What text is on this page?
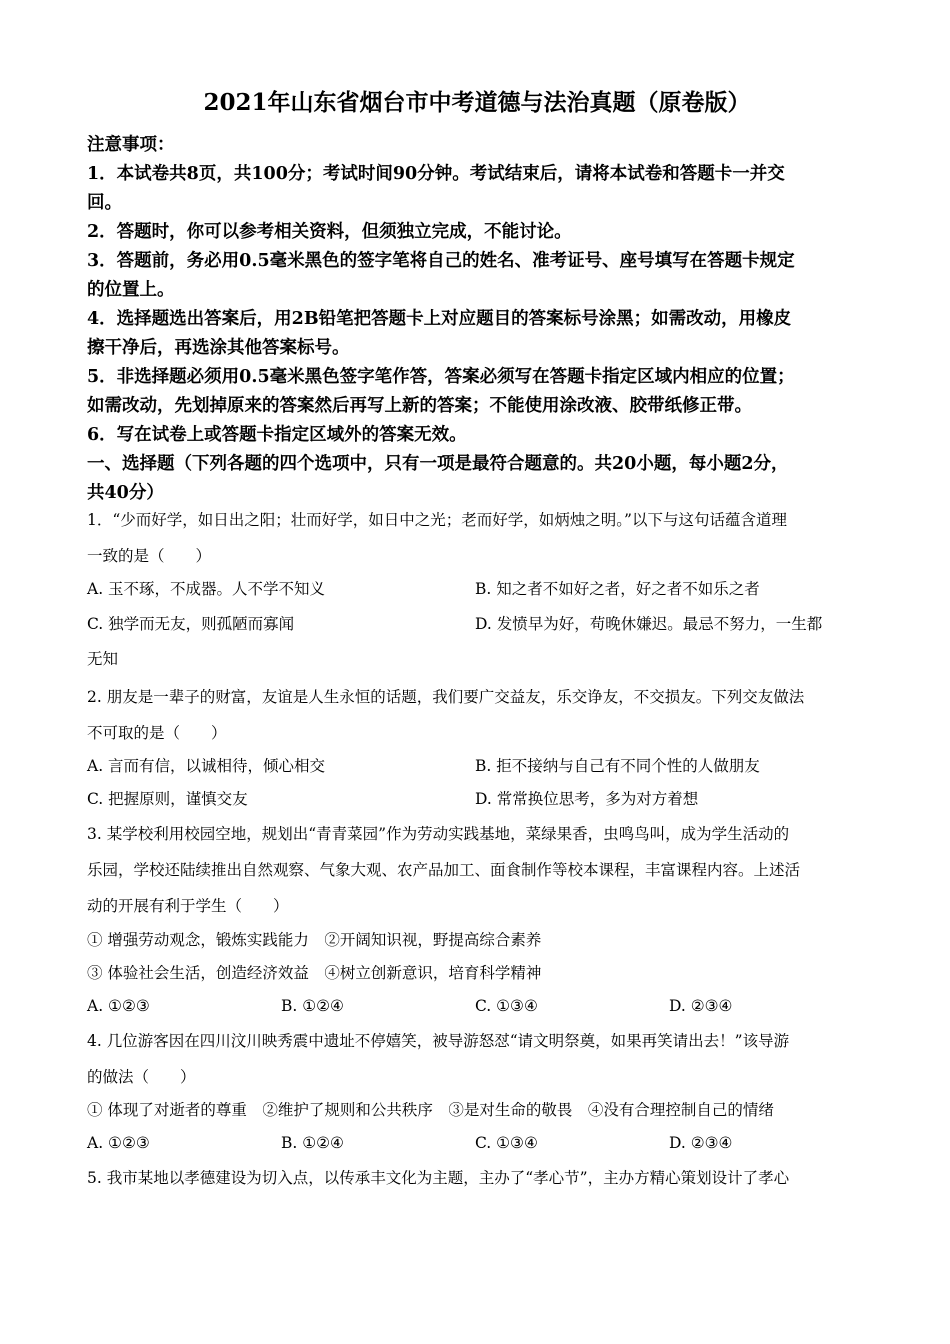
2021年山东省烟台市中考道德与法治真题（原卷版）
注意事项：
1．本试卷共8页，共100分；考试时间90分钟。考试结束后，请将本试卷和答题卡一并交
回。
2．答题时，你可以参考相关资料，但须独立完成，不能讨论。
3．答题前，务必用0.5毫米黑色的签字笔将自己的姓名、准考证号、座号填写在答题卡规定
的位置上。
4．选择题选出答案后，用2B铅笔把答题卡上对应题目的答案标号涂黑；如需改动，用橡皮
擦干净后，再选涂其他答案标号。
5．非选择题必须用0.5毫米黑色签字笔作答，答案必须写在答题卡指定区域内相应的位置；
如需改动，先划掉原来的答案然后再写上新的答案；不能使用涂改液、胶带纸修正带。
6．写在试卷上或答题卡指定区域外的答案无效。
一、选择题（下列各题的四个选项中，只有一项是最符合题意的。共20小题，每小题2分，
共40分）
1．“少而好学，如日出之阳；壮而好学，如日中之光；老而好学，如炳烛之明。”以下与这句话蕴含道理
一致的是（　　）
A. 玉不琢，不成器。人不学不知义	B. 知之者不如好之者，好之者不如乐之者
C. 独学而无友，则孤陋而寡闻	D. 发愤早为好，苟晚休嫌迟。最忌不努力，一生都
无知
2. 朋友是一辈子的财富，友谊是人生永恒的话题，我们要广交益友，乐交诤友，不交损友。下列交友做法
不可取的是（　　）
A. 言而有信，以诚相待，倾心相交	B. 拒不接纳与自己有不同个性的人做朋友
C. 把握原则，谨慎交友	D. 常常换位思考，多为对方着想
3. 某学校利用校园空地，规划出“青青菜园”作为劳动实践基地，菜绿果香，虫鸣鸟叫，成为学生活动的
乐园，学校还陆续推出自然观察、气象大观、农产品加工、面食制作等校本课程，丰富课程内容。上述活
动的开展有利于学生（　　）
① 增强劳动观念，锻炼实践能力　②开阔知识视，野提高综合素养
③ 体验社会生活，创造经济效益　④树立创新意识，培育科学精神
A. ①②③	B. ①②④	C. ①③④	D. ②③④
4. 几位游客因在四川汶川映秀震中遗址不停嬉笑，被导游怒怼“请文明祭奠，如果再笑请出去！”该导游
的做法（　　）
① 体现了对逝者的尊重　②维护了规则和公共秩序　③是对生命的敬畏　④没有合理控制自己的情绪
A. ①②③	B. ①②④	C. ①③④	D. ②③④
5. 我市某地以孝德建设为切入点，以传承丰文化为主题，主办了“孝心节”，主办方精心策划设计了孝心
